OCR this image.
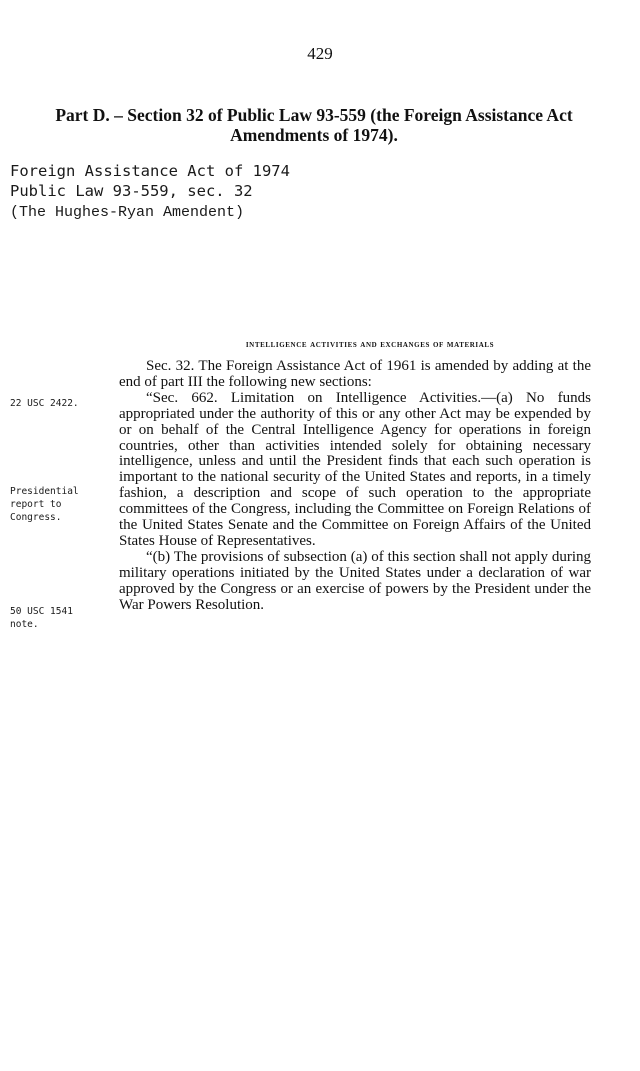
429
Part D. – Section 32 of Public Law 93-559 (the Foreign Assistance Act Amendments of 1974).
Foreign Assistance Act of 1974
Public Law 93-559, sec. 32
(The Hughes-Ryan Amendent)
intelligence activities and exchanges of materials

Sec. 32. The Foreign Assistance Act of 1961 is amended by adding at the end of part III the following new sections:

“Sec. 662. Limitation on Intelligence Activities.—(a) No funds appropriated under the authority of this or any other Act may be expended by or on behalf of the Central Intelligence Agency for operations in foreign countries, other than activities intended solely for obtaining necessary intelligence, unless and until the President finds that each such operation is important to the national security of the United States and reports, in a timely fashion, a description and scope of such operation to the appropriate committees of the Congress, including the Committee on Foreign Relations of the United States Senate and the Committee on Foreign Affairs of the United States House of Representatives.

“(b) The provisions of subsection (a) of this section shall not apply during military operations initiated by the United States under a declaration of war approved by the Congress or an exercise of powers by the President under the War Powers Resolution.

22 USC 2422.
Presidential
report to
Congress.
50 USC 1541
note.
